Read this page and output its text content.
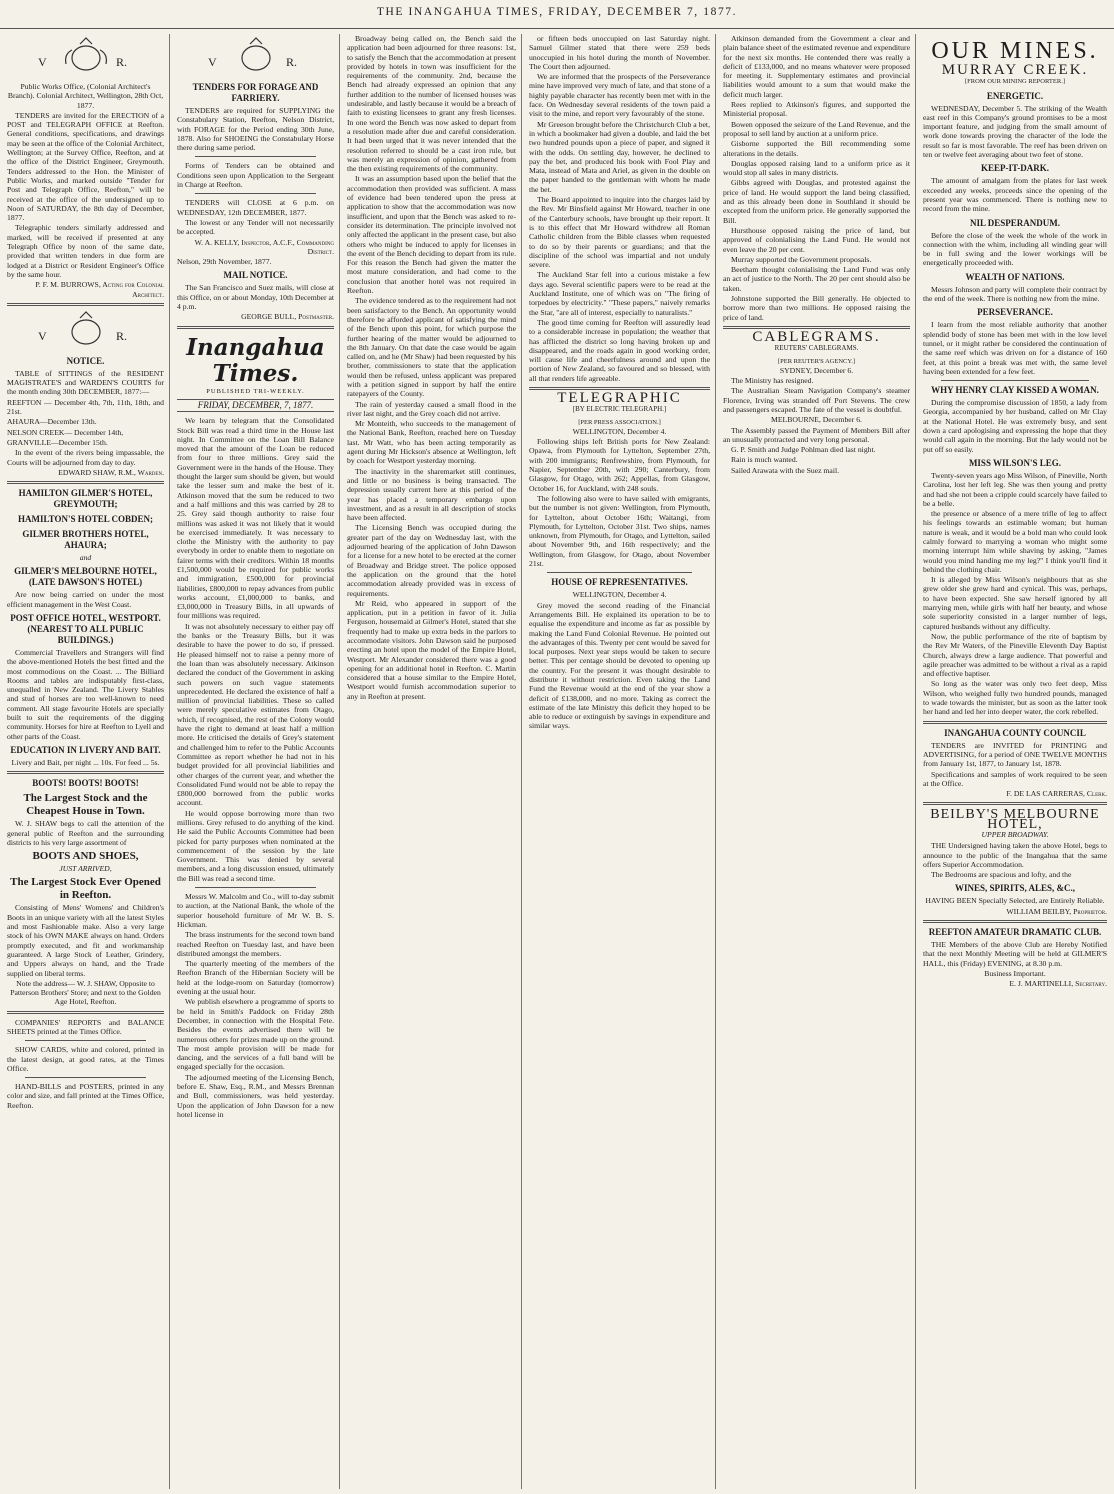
THE INANGAHUA TIMES, FRIDAY, DECEMBER 7, 1877.
V	R.

Public Works Office, (Colonial Architect's Branch). Colonial Architect, Wellington, 28th Oct, 1877.

TENDERS are invited for the ERECTION of a POST and TELEGRAPH OFFICE at Reefton. General conditions, specifications, and drawings may be seen at the office of the Colonial Architect, Wellington; at the Survey Office, Reefton, and at the office of the District Engineer, Greymouth. Tenders addressed to the Hon. the Minister of Public Works, and marked outside "Tender for Post and Telegraph Office, Reefton," will be received at the office of the undersigned up to Noon of SATURDAY, the 8th day of December, 1877.

Telegraphic tenders similarly addressed and marked, will be received if presented at any Telegraph Office by noon of the same date, provided that written tenders in due form are lodged at a District or Resident Engineer's Office by the same hour.

P. F. M. BURROWS, Acting for Colonial Architect.

V	R.
NOTICE.

TABLE of SITTINGS of the RESIDENT MAGISTRATE'S and WARDEN'S COURTS for the month ending 30th DECEMBER, 1877:—

REEFTON — December 4th, 7th, 11th, 18th, and 21st.

AHAURA—December 13th.

NELSON CREEK— December 14th,

GRANVILLE—December 15th.

In the event of the rivers being impassable, the Courts will be adjourned from day to day.

EDWARD SHAW, R.M., Warden.

HAMILTON GILMER'S HOTEL, GREYMOUTH;
HAMILTON'S HOTEL COBDEN;
GILMER BROTHERS HOTEL, AHAURA;
and
GILMER'S MELBOURNE HOTEL, (LATE DAWSON'S HOTEL)

Are now being carried on under the most efficient management in the West Coast.

POST OFFICE HOTEL, WESTPORT. (NEAREST TO ALL PUBLIC BUILDINGS.)

Commercial Travellers and Strangers will find the above-mentioned Hotels the best fitted and the most commodious on the Coast. ... The Billiard Rooms and tables are indisputably first-class, unequalled in New Zealand. The Livery Stables and stud of horses are too well-known to need comment. All stage favourite Hotels are specially built to suit the requirements of the digging community. Horses for hire at Reefton to Lyell and other parts of the Coast.

EDUCATION IN LIVERY AND BAIT.

Livery and Bait, per night ... 10s. For feed ... 5s.

BOOTS! BOOTS! BOOTS!
The Largest Stock and the Cheapest House in Town.

W. J. SHAW begs to call the attention of the general public of Reefton and the surrounding districts to his very large assortment of

BOOTS AND SHOES,
JUST ARRIVED,
The Largest Stock Ever Opened in Reefton.

Consisting of Mens' Womens' and Children's Boots in an unique variety with all the latest Styles and most Fashionable make. Also a very large stock of his OWN MAKE always on hand. Orders promptly executed, and fit and workmanship guaranteed. A large Stock of Leather, Grindery, and Uppers always on hand, and the Trade supplied on liberal terms.

Note the address— W. J. SHAW, Opposite to Patterson Brothers' Store; and next to the Golden Age Hotel, Reefton.

COMPANIES' REPORTS and BALANCE SHEETS printed at the Times Office.

SHOW CARDS, white and colored, printed in the latest design, at good rates, at the Times Office.

HAND-BILLS and POSTERS, printed in any color and size, and fall printed at the Times Office, Reefton.

V	R.
TENDERS FOR FORAGE AND FARRIERY.

TENDERS are required for SUPPLYING the Constabulary Station, Reefton, Nelson District, with FORAGE for the Period ending 30th June, 1878. Also for SHOEING the Constabulary Horse there during same period.

Forms of Tenders can be obtained and Conditions seen upon Application to the Sergeant in Charge at Reefton.

TENDERS will CLOSE at 6 p.m. on WEDNESDAY, 12th DECEMBER, 1877.

The lowest or any Tender will not necessarily be accepted.

W. A. KELLY, Inspector, A.C.F., Commanding District.

Nelson, 29th November, 1877.

MAIL NOTICE.

The San Francisco and Suez mails, will close at this Office, on or about Monday, 10th December at 4 p.m.

GEORGE BULL, Postmaster.

Inangahua Times.
PUBLISHED TRI-WEEKLY.
FRIDAY, DECEMBER, 7, 1877.

We learn by telegram that the Consolidated Stock Bill was read a third time in the House last night. In Committee on the Loan Bill Balance moved that the amount of the Loan be reduced from four to three millions. Grey said the Government were in the hands of the House. They thought the larger sum should be given, but would take the lesser sum and make the best of it. Atkinson moved that the sum be reduced to two and a half millions and this was carried by 28 to 25. Grey said though authority to raise four millions was asked it was not likely that it would be exercised immediately. It was necessary to clothe the Ministry with the authority to pay everybody in order to enable them to negotiate on fairer terms with their creditors. Within 18 months £1,500,000 would be required for public works and immigration, £500,000 for provincial liabilities, £800,000 to repay advances from public works account, £1,000,000 to banks, and £3,000,000 in Treasury Bills, in all upwards of four millions was required.

It was not absolutely necessary to either pay off the banks or the Treasury Bills, but it was desirable to have the power to do so, if pressed. He pleased himself not to raise a penny more of the loan than was absolutely necessary. Atkinson declared the conduct of the Government in asking such powers on such vague statements unprecedented. He declared the existence of half a million of provincial liabilities. These so called were merely speculative estimates from Otago, which, if recognised, the rest of the Colony would have the right to demand at least half a million more. He criticised the details of Grey's statement and challenged him to refer to the Public Accounts Committee as report whether he had not in his budget provided for all provincial liabilities and other charges of the current year, and whether the Consolidated Fund would not be able to repay the £800,000 borrowed from the public works account.

He would oppose borrowing more than two millions. Grey refused to do anything of the kind. He said the Public Accounts Committee had been picked for party purposes when nominated at the commencement of the session by the late Government. This was denied by several members, and a long discussion ensued, ultimately the Bill was read a second time.

Messrs W. Malcolm and Co., will to-day submit to auction, at the National Bank, the whole of the superior household furniture of Mr W. B. S. Hickman.

The brass instruments for the second town band reached Reefton on Tuesday last, and have been distributed amongst the members.

The quarterly meeting of the members of the Reefton Branch of the Hibernian Society will be held at the lodge-room on Saturday (tomorrow) evening at the usual hour.

We publish elsewhere a programme of sports to be held in Smith's Paddock on Friday 28th December, in connection with the Hospital Fete. Besides the events advertised there will be numerous others for prizes made up on the ground. The most ample provision will be made for dancing, and the services of a full band will be engaged specially for the occasion.

The adjourned meeting of the Licensing Bench, before E. Shaw, Esq., R.M., and Messrs Brennan and Bull, commissioners, was held yesterday. Upon the application of John Dawson for a new hotel license in

Broadway being called on, the Bench said the application had been adjourned for three reasons: 1st, to satisfy the Bench that the accommodation at present provided by hotels in town was insufficient for the requirements of the community. 2nd, because the Bench had already expressed an opinion that any further addition to the number of licensed houses was undesirable, and lastly because it would be a breach of faith to existing licensees to grant any fresh licenses. In one word the Bench was now asked to depart from a resolution made after due and careful consideration. It had been urged that it was never intended that the resolution referred to should be a cast iron rule, but was merely an expression of opinion, gathered from the then existing requirements of the community.

It was an assumption based upon the belief that the accommodation then provided was sufficient. A mass of evidence had been tendered upon the press at application to show that the accommodation was now insufficient, and upon that the Bench was asked to re-consider its determination. The principle involved not only affected the applicant in the present case, but also others who might be induced to apply for licenses in the event of the Bench deciding to depart from its rule. For this reason the Bench had given the matter the most mature consideration, and had come to the conclusion that another hotel was not required in Reefton.

The evidence tendered as to the requirement had not been satisfactory to the Bench. An opportunity would therefore be afforded applicant of satisfying the mind of the Bench upon this point, for which purpose the further hearing of the matter would be adjourned to the 8th January. On that date the case would be again called on, and he (Mr Shaw) had been requested by his brother, commissioners to state that the application would then be refused, unless applicant was prepared with a petition signed in support by half the entire ratepayers of the County.

The rain of yesterday caused a small flood in the river last night, and the Grey coach did not arrive.

Mr Monteith, who succeeds to the management of the National Bank, Reefton, reached here on Tuesday last. Mr Watt, who has been acting temporarily as agent during Mr Hickson's absence at Wellington, left by coach for Westport yesterday morning.

The inactivity in the sharemarket still continues, and little or no business is being transacted. The depression usually current here at this period of the year has placed a temporary embargo upon investment, and as a result in all description of stocks have been affected.

The Licensing Bench was occupied during the greater part of the day on Wednesday last, with the adjourned hearing of the application of John Dawson for a license for a new hotel to be erected at the corner of Broadway and Bridge street. The police opposed the application on the ground that the hotel accommodation already provided was in excess of requirements.

Mr Reid, who appeared in support of the application, put in a petition in favor of it. Julia Ferguson, housemaid at Gilmer's Hotel, stated that she frequently had to make up extra beds in the parlors to accommodate visitors. John Dawson said he purposed erecting an hotel upon the model of the Empire Hotel, Westport. Mr Alexander considered there was a good opening for an additional hotel in Reefton. C. Martin considered that a house similar to the Empire Hotel, Westport would furnish accommodation superior to any in Reefton at present.

or fifteen beds unoccupied on last Saturday night. Samuel Gilmer stated that there were 259 beds unoccupied in his hotel during the month of November. The Court then adjourned.

We are informed that the prospects of the Perseverance mine have improved very much of late, and that stone of a highly payable character has recently been met with in the face. On Wednesday several residents of the town paid a visit to the mine, and report very favourably of the stone.

Mr Greeson brought before the Christchurch Club a bet, in which a bookmaker had given a double, and laid the bet two hundred pounds upon a piece of paper, and signed it with the odds. On settling day, however, he declined to pay the bet, and produced his book with Fool Play and Mata, instead of Mata and Ariel, as given in the double on the paper handed to the gentleman with whom he made the bet.

The Board appointed to inquire into the charges laid by the Rev. Mr Binsfield against Mr Howard, teacher in one of the Canterbury schools, have brought up their report. It is to this effect that Mr Howard withdrew all Roman Catholic children from the Bible classes when requested to do so by their parents or guardians; and that the discipline of the school was impartial and not unduly severe.

The Auckland Star fell into a curious mistake a few days ago. Several scientific papers were to be read at the Auckland Institute, one of which was on "The firing of torpedoes by electricity." "These papers," naively remarks the Star, "are all of interest, especially to naturalists."

The good time coming for Reefton will assuredly lead to a considerable increase in population; the weather that has afflicted the district so long having broken up and disappeared, and the roads again in good working order, will cause life and cheerfulness around and upon the portion of New Zealand, so favoured and so blessed, with all that renders life agreeable.

TELEGRAPHIC
[BY ELECTRIC TELEGRAPH.]
[PER PRESS ASSOCIATION.]

WELLINGTON, December 4.

Following ships left British ports for New Zealand: Opawa, from Plymouth for Lyttelton, September 27th, with 200 immigrants; Renfrewshire, from Plymouth, for Napier, September 20th, with 290; Canterbury, from Glasgow, for Otago, with 262; Appellas, from Glasgow, October 16, for Auckland, with 248 souls.

The following also were to have sailed with emigrants, but the number is not given: Wellington, from Plymouth, for Lyttelton, about October 16th; Waitangi, from Plymouth, for Lyttelton, October 31st. Two ships, names unknown, from Plymouth, for Otago, and Lyttelton, sailed about November 9th, and 16th respectively; and the Wellington, from Glasgow, for Otago, about November 21st.

HOUSE OF REPRESENTATIVES.

WELLINGTON, December 4.

Grey moved the second reading of the Financial Arrangements Bill. He explained its operation to be to equalise the expenditure and income as far as possible by making the Land Fund Colonial Revenue. He pointed out the advantages of this. Twenty per cent would be saved for local purposes. Next year steps would be taken to secure better. This per centage should be devoted to opening up the country. For the present it was thought desirable to distribute it without restriction. Even taking the Land Fund the Revenue would at the end of the year show a deficit of £138,000, and no more. Taking as correct the estimate of the late Ministry this deficit they hoped to be able to reduce or extinguish by savings in expenditure and similar ways.

Atkinson demanded from the Government a clear and plain balance sheet of the estimated revenue and expenditure for the next six months. He contended there was really a deficit of £133,000, and no means whatever were proposed for meeting it. Supplementary estimates and provincial liabilities would amount to a sum that would make the deficit much larger.

Rees replied to Atkinson's figures, and supported the Ministerial proposal.

Bowen opposed the seizure of the Land Revenue, and the proposal to sell land by auction at a uniform price.

Gisborne supported the Bill recommending some alterations in the details.

Douglas opposed raising land to a uniform price as it would stop all sales in many districts.

Gibbs agreed with Douglas, and protested against the price of land. He would support the land being classified, and as this already been done in Southland it should be excepted from the uniform price. He generally supported the Bill.

Hursthouse opposed raising the price of land, but approved of colonialising the Land Fund. He would not even leave the 20 per cent.

Murray supported the Government proposals.

Beetham thought colonialising the Land Fund was only an act of justice to the North. The 20 per cent should also be taken.

Johnstone supported the Bill generally. He objected to borrow more than two millions. He opposed raising the price of land.

CABLEGRAMS.
REUTERS' CABLEGRAMS.
[PER REUTER'S AGENCY.]

SYDNEY, December 6.

The Ministry has resigned.

The Australian Steam Navigation Company's steamer Florence, Irving was stranded off Port Stevens. The crew and passengers escaped. The fate of the vessel is doubtful.

MELBOURNE, December 6.

The Assembly passed the Payment of Members Bill after an unusually protracted and very long personal.

G. P. Smith and Judge Pohlman died last night.

Rain is much wanted.

Sailed Arawata with the Suez mail.

OUR MINES.
MURRAY CREEK.
[FROM OUR MINING REPORTER.]
ENERGETIC.

WEDNESDAY, December 5. The striking of the Wealth east reef in this Company's ground promises to be a most important feature, and judging from the small amount of work done towards proving the character of the lode the result so far is most favorable. The reef has been driven on ten or twelve feet averaging about two feet of stone.

KEEP-IT-DARK.

The amount of amalgam from the plates for last week exceeded any weeks, proceeds since the opening of the present year was commenced. There is nothing new to record from the mine.

NIL DESPERANDUM.

Before the close of the week the whole of the work in connection with the whim, including all winding gear will be in full swing and the lower workings will be energetically proceeded with.

WEALTH OF NATIONS.

Messrs Johnson and party will complete their contract by the end of the week. There is nothing new from the mine.

PERSEVERANCE.

I learn from the most reliable authority that another splendid body of stone has been met with in the low level tunnel, or it might rather be considered the continuation of the same reef which was driven on for a distance of 160 feet, at this point a break was met with, the same level having been extended for a few feet.

WHY HENRY CLAY KISSED A WOMAN.

During the compromise discussion of 1850, a lady from Georgia, accompanied by her husband, called on Mr Clay at the National Hotel. He was extremely busy, and sent down a card apologising and expressing the hope that they would call again in the morning. But the lady would not be put off so easily.

MISS WILSON'S LEG.

Twenty-seven years ago Miss Wilson, of Pineville, North Carolina, lost her left leg. She was then young and pretty and had she not been a cripple could scarcely have failed to be a belle.

the presence or absence of a mere trifle of leg to affect his feelings towards an estimable woman; but human nature is weak, and it would be a bold man who could look calmly forward to marrying a woman who might some morning interrupt him while shaving by asking, "James would you mind handing me my leg?" I think you'll find it behind the clothing chair.

It is alleged by Miss Wilson's neighbours that as she grew older she grew hard and cynical. This was, perhaps, to have been expected. She saw herself ignored by all marrying men, while girls with half her beauty, and whose sole superiority consisted in a larger number of legs, captured husbands without any difficulty.

Now, the public performance of the rite of baptism by the Rev Mr Waters, of the Pineville Eleventh Day Baptist Church, always drew a large audience. That powerful and agile preacher was admitted to be without a rival as a rapid and effective baptiser.

So long as the water was only two feet deep, Miss Wilson, who weighed fully two hundred pounds, managed to wade towards the minister, but as soon as the latter took her hand and led her into deeper water, the cork rebelled.

INANGAHUA COUNTY COUNCIL

TENDERS are INVITED for PRINTING and ADVERTISING, for a period of ONE TWELVE MONTHS from January 1st, 1877, to January 1st, 1878.

Specifications and samples of work required to be seen at the Office.

F. DE LAS CARRERAS, Clerk.

BEILBY'S MELBOURNE HOTEL,
UPPER BROADWAY.

THE Undersigned having taken the above Hotel, begs to announce to the public of the Inangahua that the same offers Superior Accommodation.

The Bedrooms are spacious and lofty, and the

WINES, SPIRITS, ALES, &C.,

HAVING BEEN Specially Selected, are Entirely Reliable.

WILLIAM BEILBY, Proprietor.

REEFTON AMATEUR DRAMATIC CLUB.

THE Members of the above Club are Hereby Notified that the next Monthly Meeting will be held at GILMER'S HALL, this (Friday) EVENING, at 8.30 p.m.

Business Important.

E. J. MARTINELLI, Secretary.
